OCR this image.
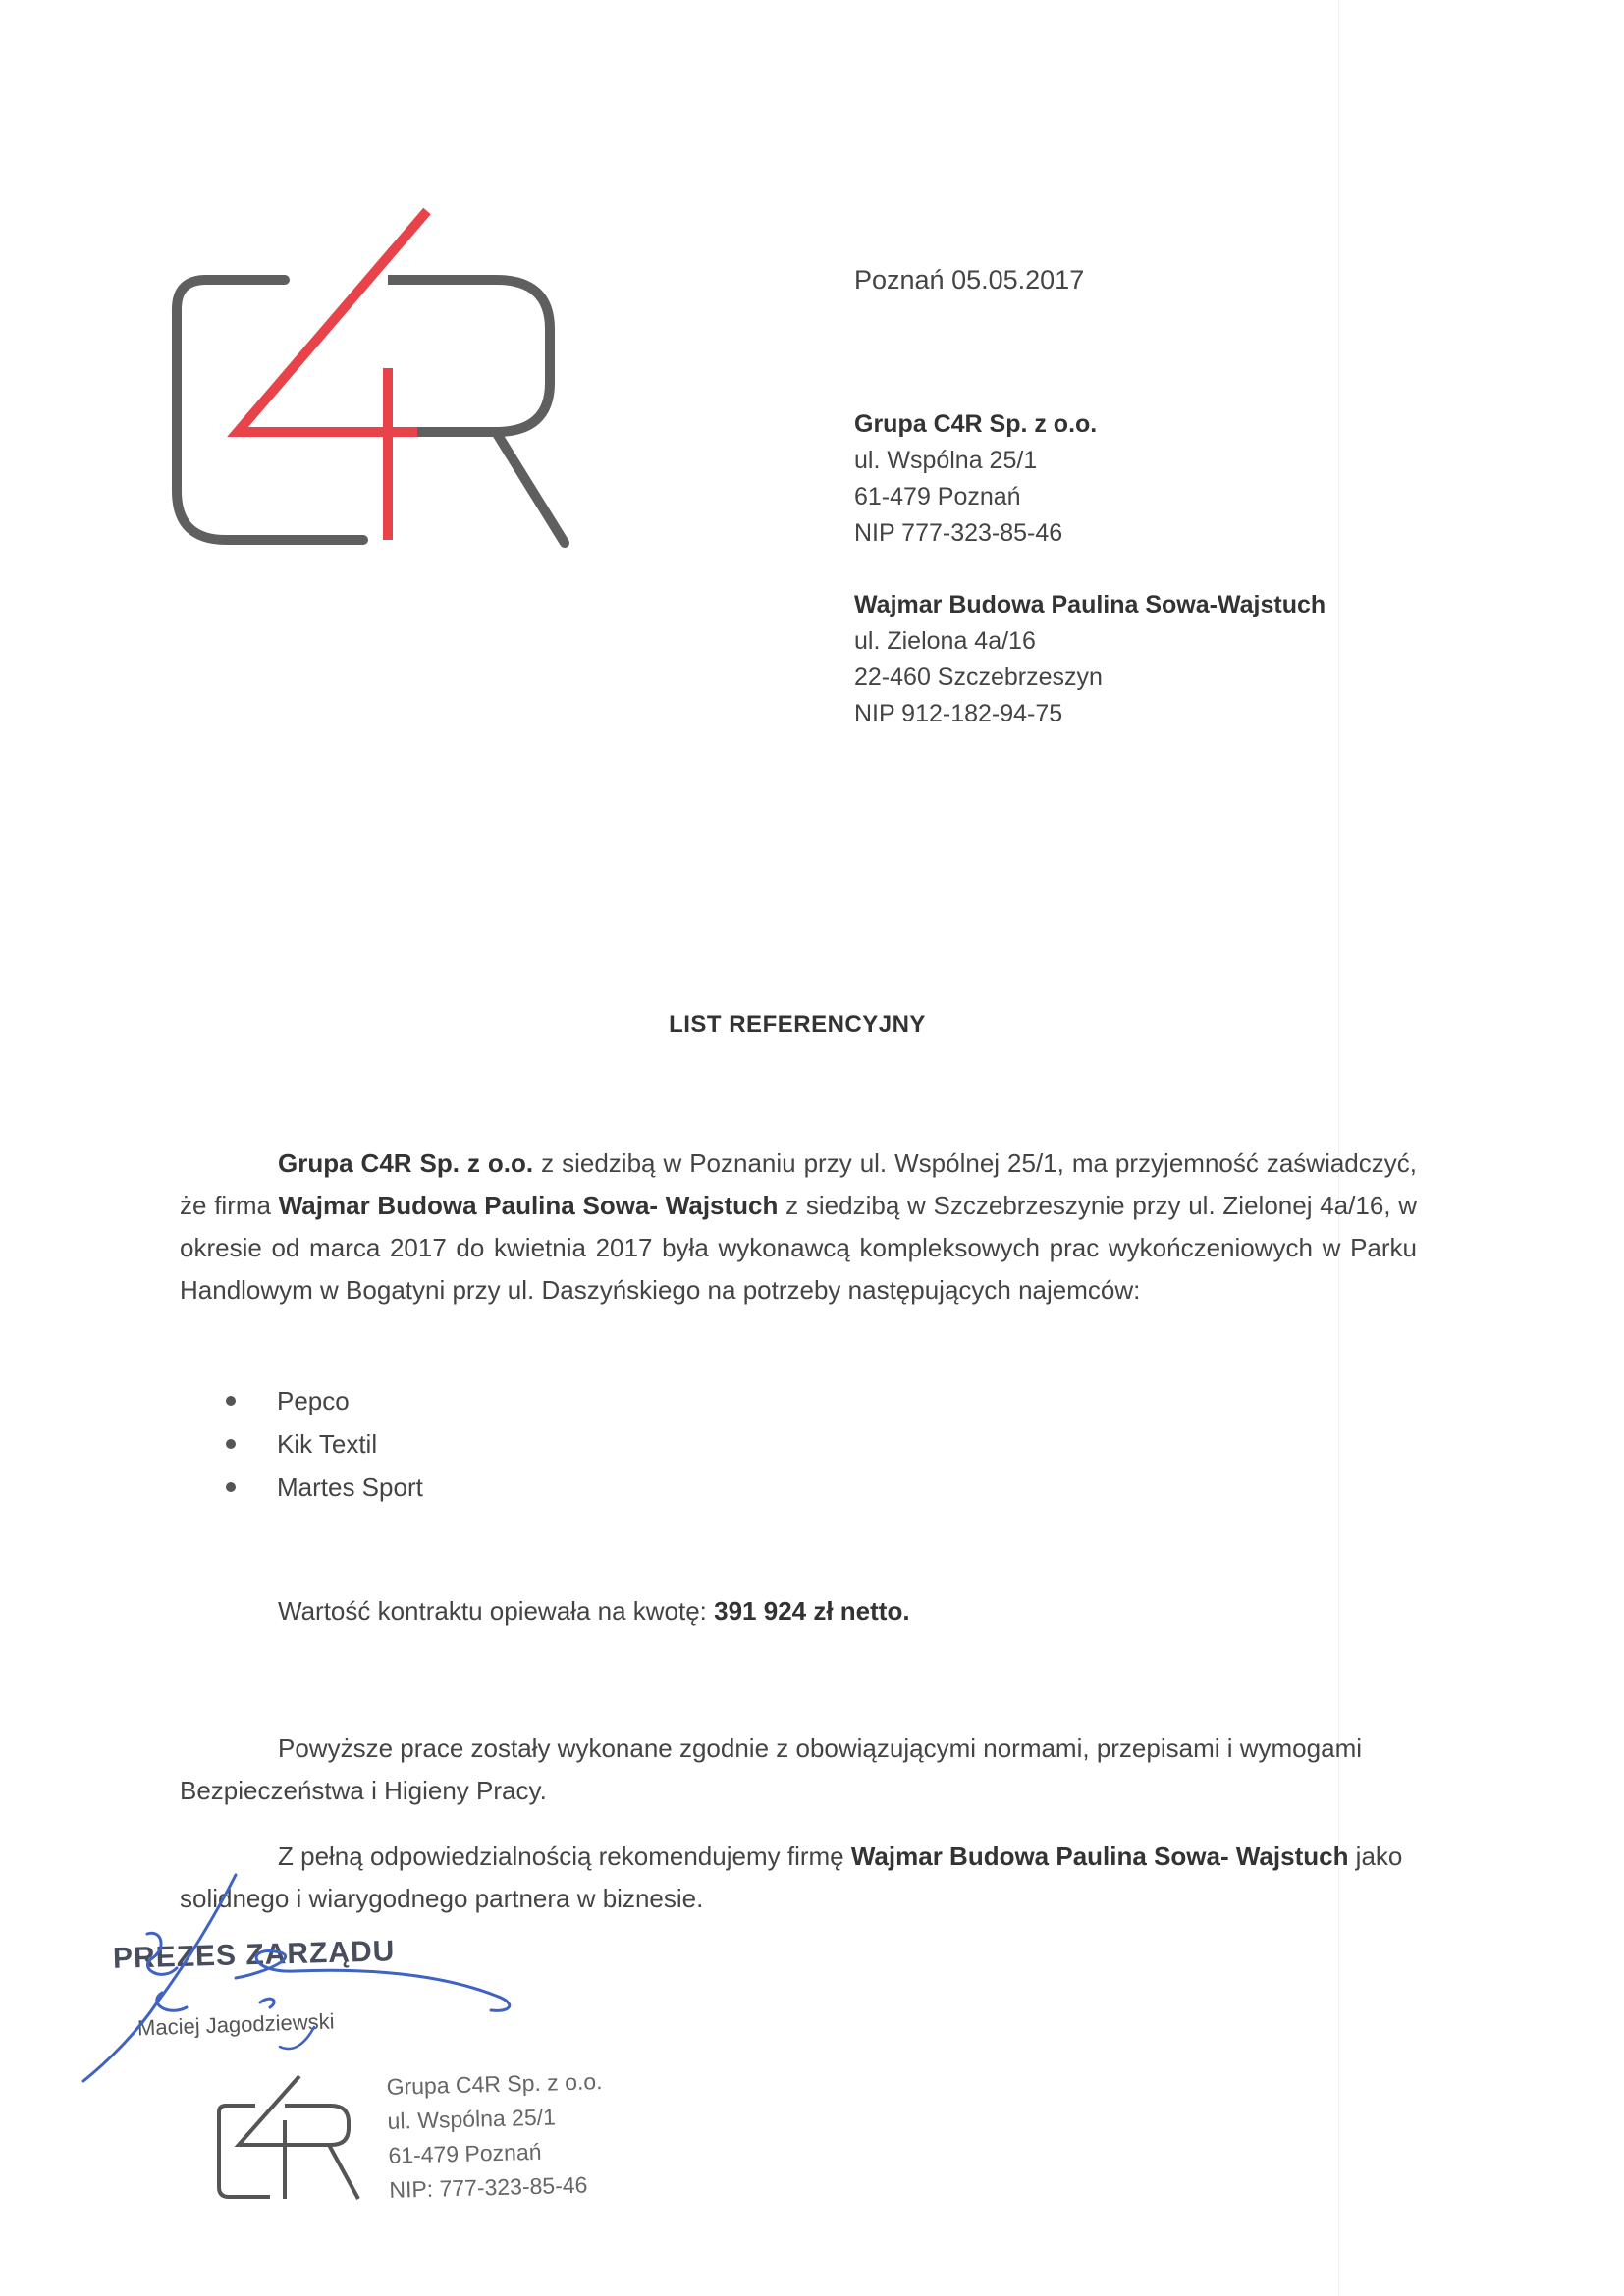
Poznań 05.05.2017
Grupa C4R Sp. z o.o.
ul. Wspólna 25/1
61-479 Poznań
NIP 777-323-85-46
Wajmar Budowa Paulina Sowa-Wajstuch
ul. Zielona 4a/16
22-460 Szczebrzeszyn
NIP 912-182-94-75
LIST REFERENCYJNY
Grupa C4R Sp. z o.o. z siedzibą w Poznaniu przy ul. Wspólnej 25/1, ma przyjemność zaświadczyć, że firma Wajmar Budowa Paulina Sowa- Wajstuch z siedzibą w Szczebrzeszynie przy ul. Zielonej 4a/16, w okresie od marca 2017 do kwietnia 2017 była wykonawcą kompleksowych prac wykończeniowych w Parku Handlowym w Bogatyni przy ul. Daszyńskiego na potrzeby następujących najemców:
Pepco
Kik Textil
Martes Sport
Wartość kontraktu opiewała na kwotę: 391 924 zł netto.
Powyższe prace zostały wykonane zgodnie z obowiązującymi normami, przepisami i wymogami Bezpieczeństwa i Higieny Pracy.
Z pełną odpowiedzialnością rekomendujemy firmę Wajmar Budowa Paulina Sowa- Wajstuch jako solidnego i wiarygodnego partnera w biznesie.
PREZES ZARZĄDU
Maciej Jagodziewski
Grupa C4R Sp. z o.o.
ul. Wspólna 25/1
61-479 Poznań
NIP: 777-323-85-46
